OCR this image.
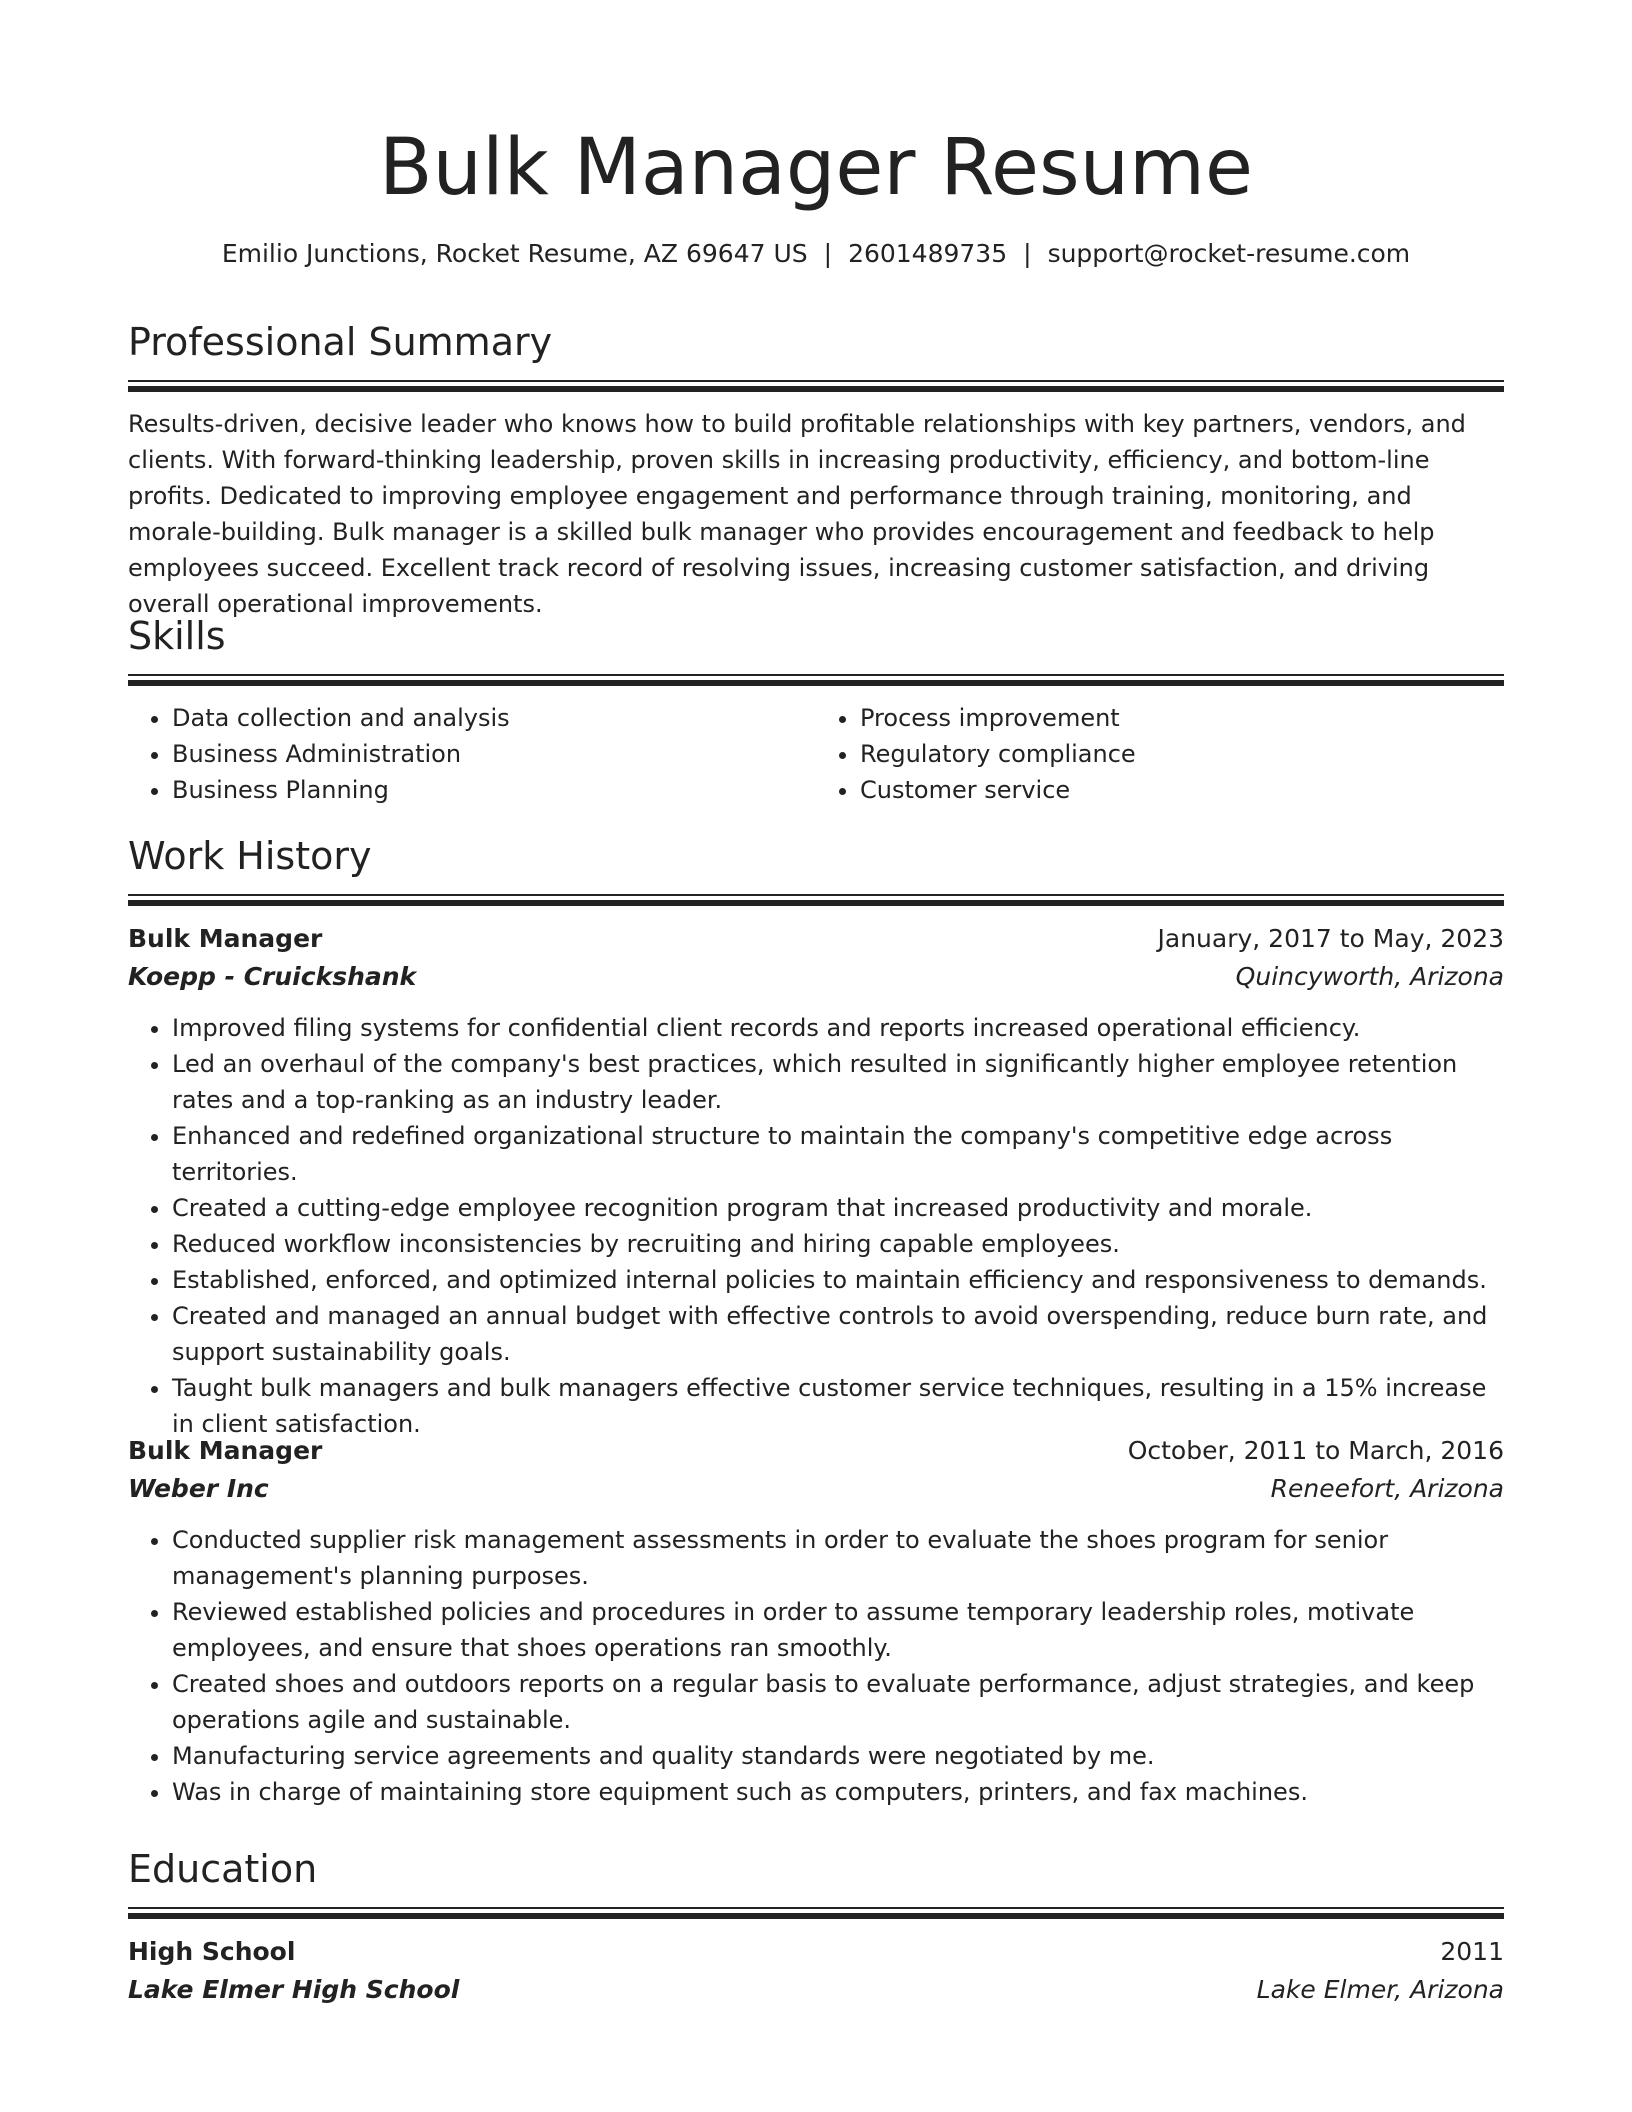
Bulk Manager Resume
Emilio Junctions, Rocket Resume, AZ 69647 US | 2601489735 | support@rocket-resume.com
Professional Summary

Results-driven, decisive leader who knows how to build profitable relationships with key partners, vendors, and clients. With forward-thinking leadership, proven skills in increasing productivity, efficiency, and bottom-line profits. Dedicated to improving employee engagement and performance through training, monitoring, and morale-building. Bulk manager is a skilled bulk manager who provides encouragement and feedback to help employees succeed. Excellent track record of resolving issues, increasing customer satisfaction, and driving overall operational improvements.

Skills
• Data collection and analysis
• Business Administration
• Business Planning
• Process improvement
• Regulatory compliance
• Customer service
Work History
Bulk Manager	January, 2017 to May, 2023
Koepp - Cruickshank	Quincyworth, Arizona
• Improved filing systems for confidential client records and reports increased operational efficiency.
• Led an overhaul of the company's best practices, which resulted in significantly higher employee retention rates and a top-ranking as an industry leader.
• Enhanced and redefined organizational structure to maintain the company's competitive edge across territories.
• Created a cutting-edge employee recognition program that increased productivity and morale.
• Reduced workflow inconsistencies by recruiting and hiring capable employees.
• Established, enforced, and optimized internal policies to maintain efficiency and responsiveness to demands.
• Created and managed an annual budget with effective controls to avoid overspending, reduce burn rate, and support sustainability goals.
• Taught bulk managers and bulk managers effective customer service techniques, resulting in a 15% increase in client satisfaction.
Bulk Manager	October, 2011 to March, 2016
Weber Inc	Reneefort, Arizona
• Conducted supplier risk management assessments in order to evaluate the shoes program for senior management's planning purposes.
• Reviewed established policies and procedures in order to assume temporary leadership roles, motivate employees, and ensure that shoes operations ran smoothly.
• Created shoes and outdoors reports on a regular basis to evaluate performance, adjust strategies, and keep operations agile and sustainable.
• Manufacturing service agreements and quality standards were negotiated by me.
• Was in charge of maintaining store equipment such as computers, printers, and fax machines.
Education
High School	2011
Lake Elmer High School	Lake Elmer, Arizona
